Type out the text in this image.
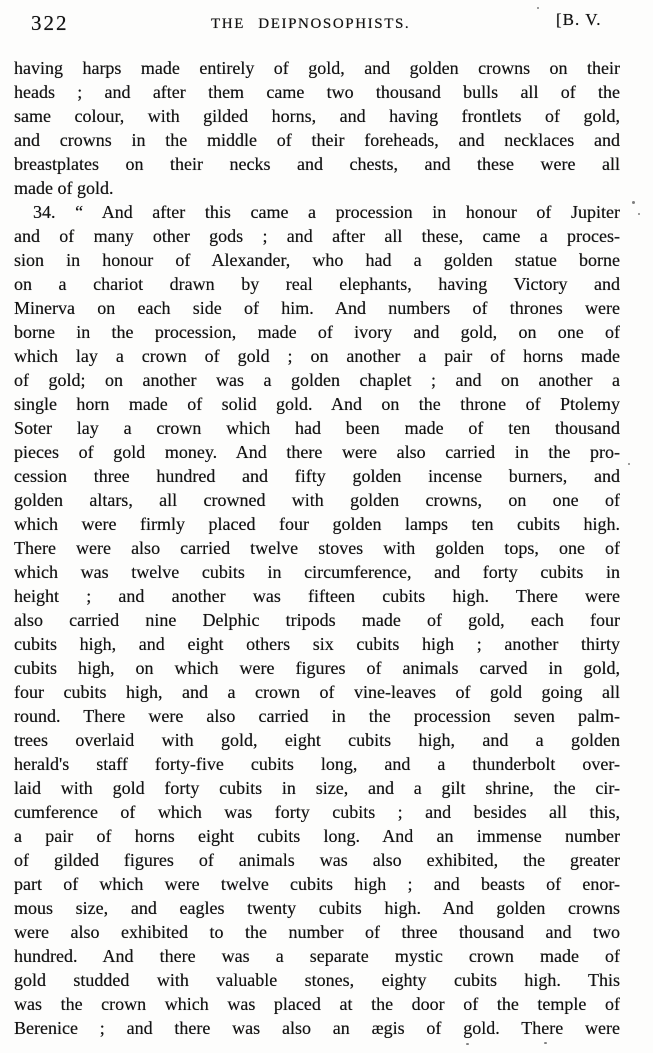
322	THE DEIPNOSOPHISTS.	[B. V.
having harps made entirely of gold, and golden crowns on their
heads ; and after them came two thousand bulls all of the
same colour, with gilded horns, and having frontlets of gold,
and crowns in the middle of their foreheads, and necklaces and
breastplates on their necks and chests, and these were all
made of gold.
34. “ And after this came a procession in honour of Jupiter
and of many other gods ; and after all these, came a proces-
sion in honour of Alexander, who had a golden statue borne
on a chariot drawn by real elephants, having Victory and
Minerva on each side of him. And numbers of thrones were
borne in the procession, made of ivory and gold, on one of
which lay a crown of gold ; on another a pair of horns made
of gold; on another was a golden chaplet ; and on another a
single horn made of solid gold. And on the throne of Ptolemy
Soter lay a crown which had been made of ten thousand
pieces of gold money. And there were also carried in the pro-
cession three hundred and fifty golden incense burners, and
golden altars, all crowned with golden crowns, on one of
which were firmly placed four golden lamps ten cubits high.
There were also carried twelve stoves with golden tops, one of
which was twelve cubits in circumference, and forty cubits in
height ; and another was fifteen cubits high. There were
also carried nine Delphic tripods made of gold, each four
cubits high, and eight others six cubits high ; another thirty
cubits high, on which were figures of animals carved in gold,
four cubits high, and a crown of vine-leaves of gold going all
round. There were also carried in the procession seven palm-
trees overlaid with gold, eight cubits high, and a golden
herald's staff forty-five cubits long, and a thunderbolt over-
laid with gold forty cubits in size, and a gilt shrine, the cir-
cumference of which was forty cubits ; and besides all this,
a pair of horns eight cubits long. And an immense number
of gilded figures of animals was also exhibited, the greater
part of which were twelve cubits high ; and beasts of enor-
mous size, and eagles twenty cubits high. And golden crowns
were also exhibited to the number of three thousand and two
hundred. And there was a separate mystic crown made of
gold studded with valuable stones, eighty cubits high. This
was the crown which was placed at the door of the temple of
Berenice ; and there was also an ægis of gold. There were
